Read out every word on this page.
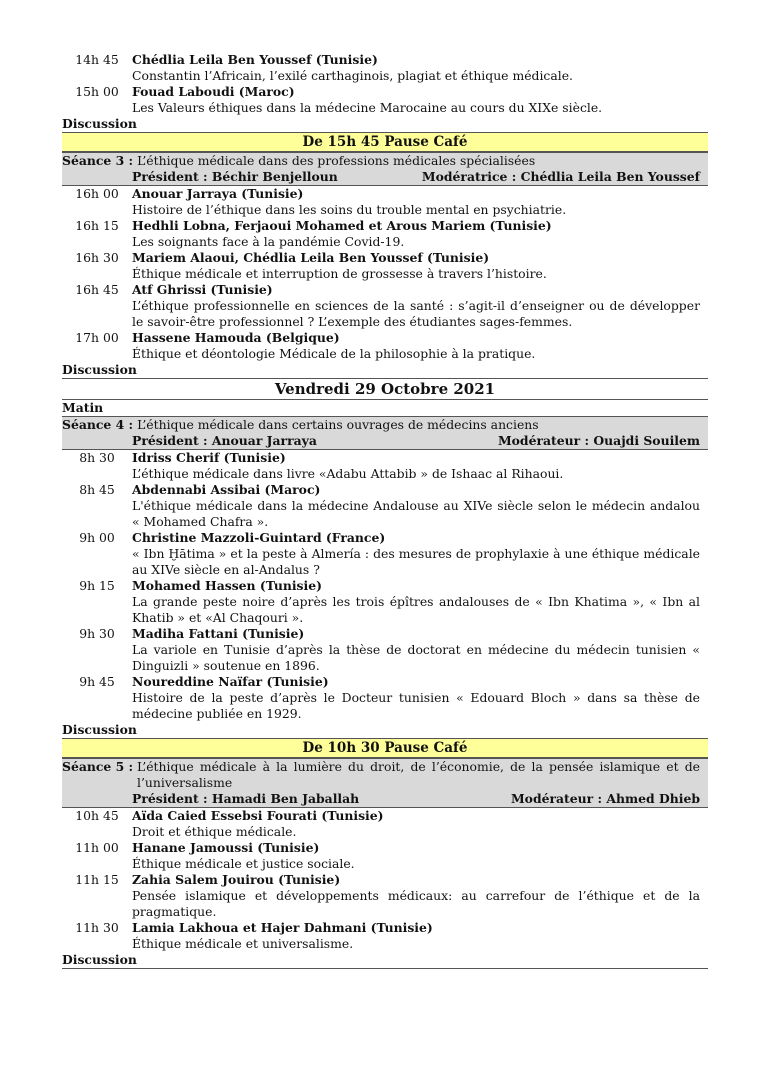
14h 45	Chédlia Leila Ben Youssef (Tunisie)
Constantin l’Africain, l’exilé carthaginois, plagiat et éthique médicale.
15h 00	Fouad Laboudi (Maroc)
Les Valeurs éthiques dans la médecine Marocaine au cours du XIXe siècle.
Discussion
De 15h 45 Pause Café
Séance 3 : L’éthique médicale dans des professions médicales spécialisées
Président : Béchir Benjelloun	Modératrice : Chédlia Leila Ben Youssef
16h 00	Anouar Jarraya (Tunisie)
Histoire de l’éthique dans les soins du trouble mental en psychiatrie.
16h 15	Hedhli Lobna, Ferjaoui Mohamed et Arous Mariem (Tunisie)
Les soignants face à la pandémie Covid-19.
16h 30	Mariem Alaoui, Chédlia Leila Ben Youssef (Tunisie)
Éthique médicale et interruption de grossesse à travers l’histoire.
16h 45	Atf Ghrissi (Tunisie)
L’éthique professionnelle en sciences de la santé : s’agit-il d’enseigner ou de développer le savoir-être professionnel ? L’exemple des étudiantes sages-femmes.
17h 00	Hassene Hamouda (Belgique)
Éthique et déontologie Médicale de la philosophie à la pratique.
Discussion
Vendredi 29 Octobre 2021
Matin
Séance 4 : L’éthique médicale dans certains ouvrages de médecins anciens
Président : Anouar Jarraya	Modérateur : Ouajdi Souilem
8h 30	Idriss Cherif (Tunisie)
L’éthique médicale dans livre «Adabu Attabib » de Ishaac al Rihaoui.
8h 45	Abdennabi Assibai (Maroc)
L'éthique médicale dans la médecine Andalouse au XIVe siècle selon le médecin andalou « Mohamed Chafra ».
9h 00	Christine Mazzoli-Guintard (France)
« Ibn Ḫātima » et la peste à Almería : des mesures de prophylaxie à une éthique médicale au XIVe siècle en al-Andalus ?
9h 15	Mohamed Hassen (Tunisie)
La grande peste noire d’après les trois épîtres andalouses de « Ibn Khatima », « Ibn al Khatib » et «Al Chaqouri ».
9h 30	Madiha Fattani (Tunisie)
La variole en Tunisie d’après la thèse de doctorat en médecine du médecin tunisien « Dinguizli » soutenue en 1896.
9h 45	Noureddine Naïfar (Tunisie)
Histoire de la peste d’après le Docteur tunisien « Edouard Bloch » dans sa thèse de médecine publiée en 1929.
Discussion
De 10h 30 Pause Café
Séance 5 : L’éthique médicale à la lumière du droit, de l’économie, de la pensée islamique et de l’universalisme
Président : Hamadi Ben Jaballah	Modérateur : Ahmed Dhieb
10h 45	Aïda Caied Essebsi Fourati (Tunisie)
Droit et éthique médicale.
11h 00	Hanane Jamoussi (Tunisie)
Éthique médicale et justice sociale.
11h 15	Zahia Salem Jouirou (Tunisie)
Pensée islamique et développements médicaux: au carrefour de l’éthique et de la pragmatique.
11h 30	Lamia Lakhoua et Hajer Dahmani (Tunisie)
Éthique médicale et universalisme.
Discussion
